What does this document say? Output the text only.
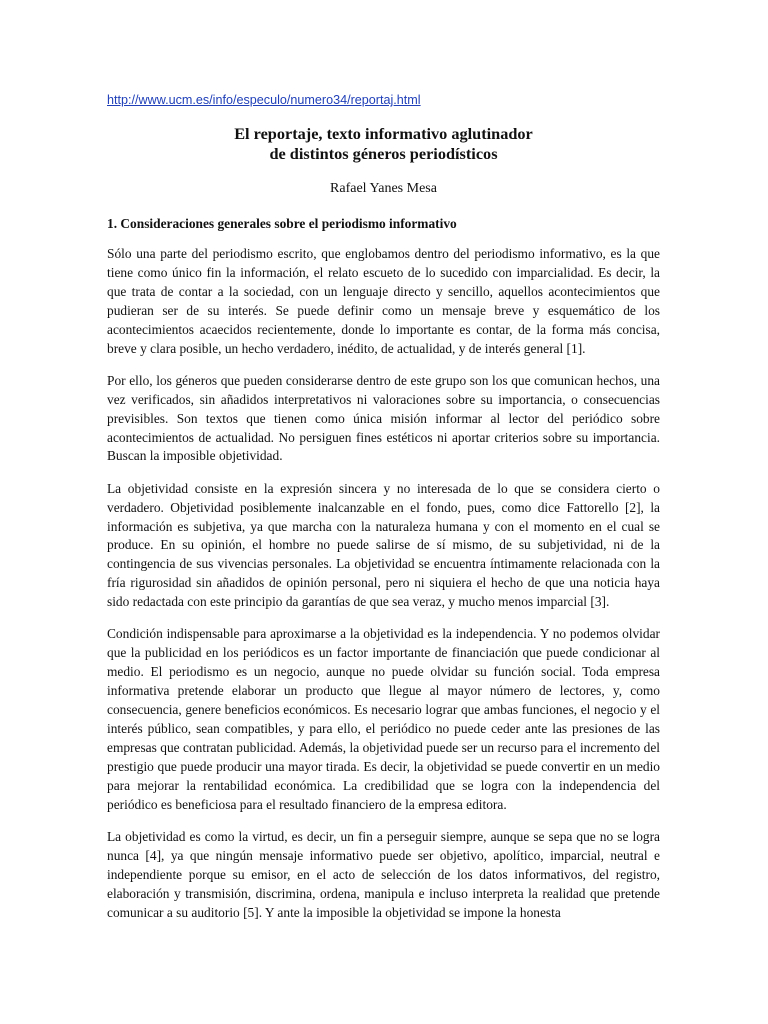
http://www.ucm.es/info/especulo/numero34/reportaj.html
El reportaje, texto informativo aglutinador
de distintos géneros periodísticos
Rafael Yanes Mesa
1. Consideraciones generales sobre el periodismo informativo

Sólo una parte del periodismo escrito, que englobamos dentro del periodismo informativo, es la que tiene como único fin la información, el relato escueto de lo sucedido con imparcialidad. Es decir, la que trata de contar a la sociedad, con un lenguaje directo y sencillo, aquellos acontecimientos que pudieran ser de su interés. Se puede definir como un mensaje breve y esquemático de los acontecimientos acaecidos recientemente, donde lo importante es contar, de la forma más concisa, breve y clara posible, un hecho verdadero, inédito, de actualidad, y de interés general [1].

Por ello, los géneros que pueden considerarse dentro de este grupo son los que comunican hechos, una vez verificados, sin añadidos interpretativos ni valoraciones sobre su importancia, o consecuencias previsibles. Son textos que tienen como única misión informar al lector del periódico sobre acontecimientos de actualidad. No persiguen fines estéticos ni aportar criterios sobre su importancia. Buscan la imposible objetividad.

La objetividad consiste en la expresión sincera y no interesada de lo que se considera cierto o verdadero. Objetividad posiblemente inalcanzable en el fondo, pues, como dice Fattorello [2], la información es subjetiva, ya que marcha con la naturaleza humana y con el momento en el cual se produce. En su opinión, el hombre no puede salirse de sí mismo, de su subjetividad, ni de la contingencia de sus vivencias personales. La objetividad se encuentra íntimamente relacionada con la fría rigurosidad sin añadidos de opinión personal, pero ni siquiera el hecho de que una noticia haya sido redactada con este principio da garantías de que sea veraz, y mucho menos imparcial [3].

Condición indispensable para aproximarse a la objetividad es la independencia. Y no podemos olvidar que la publicidad en los periódicos es un factor importante de financiación que puede condicionar al medio. El periodismo es un negocio, aunque no puede olvidar su función social. Toda empresa informativa pretende elaborar un producto que llegue al mayor número de lectores, y, como consecuencia, genere beneficios económicos. Es necesario lograr que ambas funciones, el negocio y el interés público, sean compatibles, y para ello, el periódico no puede ceder ante las presiones de las empresas que contratan publicidad. Además, la objetividad puede ser un recurso para el incremento del prestigio que puede producir una mayor tirada. Es decir, la objetividad se puede convertir en un medio para mejorar la rentabilidad económica. La credibilidad que se logra con la independencia del periódico es beneficiosa para el resultado financiero de la empresa editora.

La objetividad es como la virtud, es decir, un fin a perseguir siempre, aunque se sepa que no se logra nunca [4], ya que ningún mensaje informativo puede ser objetivo, apolítico, imparcial, neutral e independiente porque su emisor, en el acto de selección de los datos informativos, del registro, elaboración y transmisión, discrimina, ordena, manipula e incluso interpreta la realidad que pretende comunicar a su auditorio [5]. Y ante la imposible la objetividad se impone la honesta
